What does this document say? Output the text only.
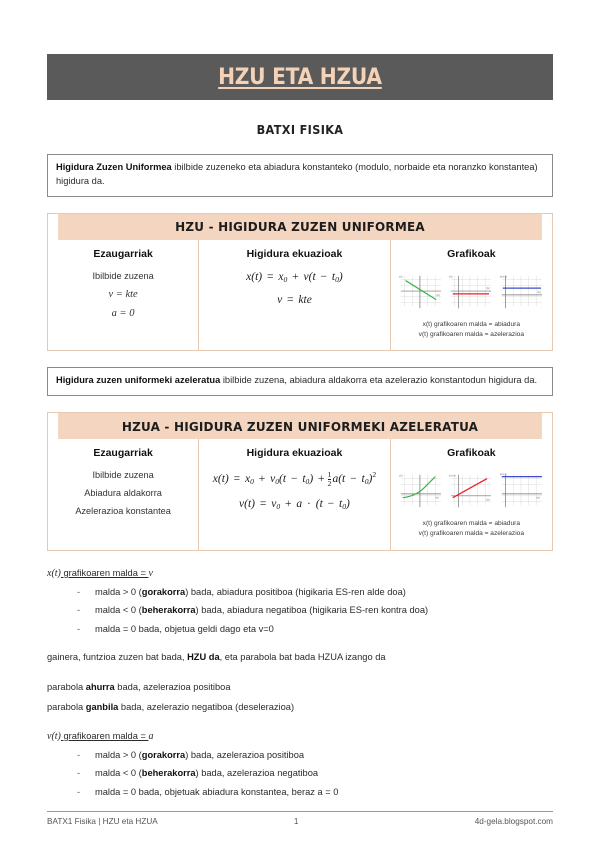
HZU ETA HZUA
BATXI FISIKA
Higidura Zuzen Uniformea ibilbide zuzeneko eta abiadura konstanteko (modulo, norbaide eta noranzko konstantea) higidura da.
HZU - HIGIDURA ZUZEN UNIFORMEA
Ezaugarriak
Ibilbide zuzena
v = kte
a = 0
Higidura ekuazioak
$x(t) = x_0 + v(t - t_0)$
v = kte
Grafikoak
x(t)
t(s)
v(t)
t(s)
a(m/s)
t(s)
x(t) grafikoaren malda = abiadura
v(t) grafikoaren malda = azelerazioa
Higidura zuzen uniformeki azeleratua ibilbide zuzena, abiadura aldakorra eta azelerazio konstantodun higidura da.
HZUA - HIGIDURA ZUZEN UNIFORMEKI AZELERATUA
Ezaugarriak
Ibilbide zuzena
Abiadura aldakorra
Azelerazioa konstantea
Higidura ekuazioak
$x(t) = x_0 + v_0(t - t_0) + \frac{1}{2} a(t - t_0)^2$
$v(t) = v_0 + a \cdot (t - t_0)$
Grafikoak
x(t)
t(s)
v(m/s)
t(s)
a(m/s)
t(s)
x(t) grafikoaren malda = abiadura
v(t) grafikoaren malda = azelerazioa
x(t) grafikoaren malda = v
- malda > 0 (gorakorra) bada, abiadura positiboa (higikaria ES-ren alde doa)
- malda < 0 (beherakorra) bada, abiadura negatiboa (higikaria ES-ren kontra doa)
- malda = 0 bada, objetua geldi dago eta v=0
gainera, funtzioa zuzen bat bada, HZU da, eta parabola bat bada HZUA izango da
parabola ahurra bada, azelerazioa positiboa
parabola ganbila bada, azelerazio negatiboa (deselerazioa)
v(t) grafikoaren malda = a
- malda > 0 (gorakorra) bada, azelerazioa positiboa
- malda < 0 (beherakorra) bada, azelerazioa negatiboa
- malda = 0 bada, objetuak abiadura konstantea, beraz a = 0
BATX1 Fisika | HZU eta HZUA	1	4d-gela.blogspot.com
